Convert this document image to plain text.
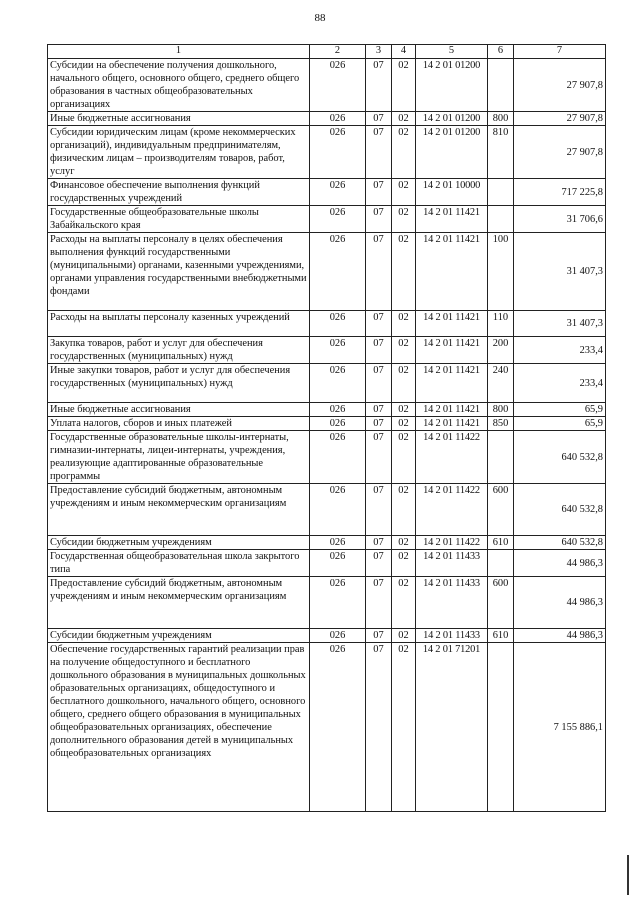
88
1	2	3	4	5	6	7
Субсидии на обеспечение получения дошкольного, начального общего, основного общего, среднего общего образования в частных общеобразовательных организациях	026	07	02	14 2 01 01200		27 907,8
Иные бюджетные ассигнования	026	07	02	14 2 01 01200	800	27 907,8
Субсидии юридическим лицам (кроме некоммерческих организаций), индивидуальным предпринимателям, физическим лицам – производителям товаров, работ, услуг	026	07	02	14 2 01 01200	810	27 907,8
Финансовое обеспечение выполнения функций государственных учреждений	026	07	02	14 2 01 10000		717 225,8
Государственные общеобразовательные школы Забайкальского края	026	07	02	14 2 01 11421		31 706,6
Расходы на выплаты персоналу в целях обеспечения выполнения функций государственными (муниципальными) органами, казенными учреждениями, органами управления государственными внебюджетными фондами	026	07	02	14 2 01 11421	100	31 407,3
Расходы на выплаты персоналу казенных учреждений	026	07	02	14 2 01 11421	110	31 407,3
Закупка товаров, работ и услуг для обеспечения государственных (муниципальных) нужд	026	07	02	14 2 01 11421	200	233,4
Иные закупки товаров, работ и услуг для обеспечения государственных (муниципальных) нужд	026	07	02	14 2 01 11421	240	233,4
Иные бюджетные ассигнования	026	07	02	14 2 01 11421	800	65,9
Уплата налогов, сборов и иных платежей	026	07	02	14 2 01 11421	850	65,9
Государственные образовательные школы-интернаты, гимназии-интернаты, лицеи-интернаты, учреждения, реализующие адаптированные образовательные программы	026	07	02	14 2 01 11422		640 532,8
Предоставление субсидий бюджетным, автономным учреждениям и иным некоммерческим организациям	026	07	02	14 2 01 11422	600	640 532,8
Субсидии бюджетным учреждениям	026	07	02	14 2 01 11422	610	640 532,8
Государственная общеобразовательная школа закрытого типа	026	07	02	14 2 01 11433		44 986,3
Предоставление субсидий бюджетным, автономным учреждениям и иным некоммерческим организациям	026	07	02	14 2 01 11433	600	44 986,3
Субсидии бюджетным учреждениям	026	07	02	14 2 01 11433	610	44 986,3
Обеспечение государственных гарантий реализации прав на получение общедоступного и бесплатного дошкольного образования в муниципальных дошкольных образовательных организациях, общедоступного и бесплатного дошкольного, начального общего, основного общего, среднего общего образования в муниципальных общеобразовательных организациях, обеспечение дополнительного образования детей в муниципальных общеобразовательных организациях	026	07	02	14 2 01 71201		7 155 886,1
